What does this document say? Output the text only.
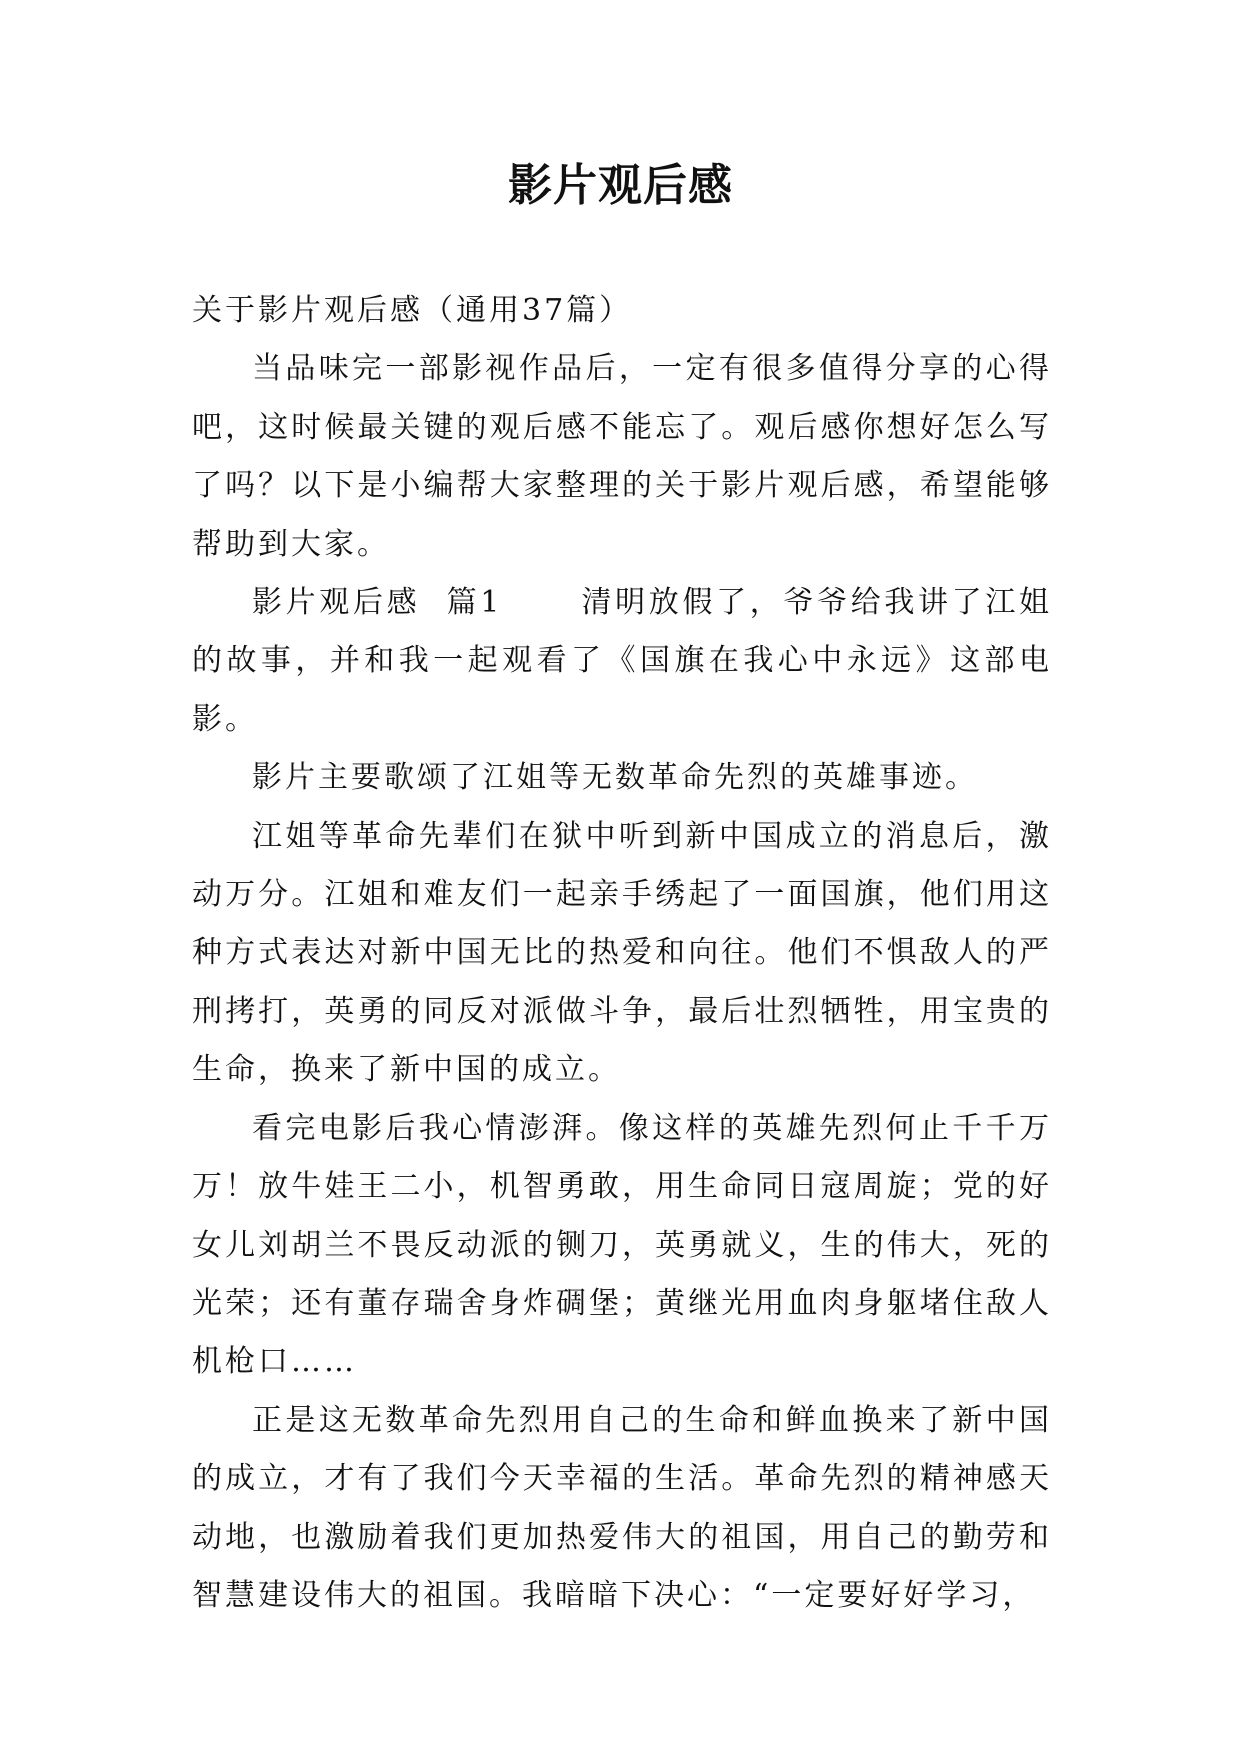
影片观后感

关于影片观后感（通用37篇）

当品味完一部影视作品后，一定有很多值得分享的心得吧，这时候最关键的观后感不能忘了。观后感你想好怎么写了吗？以下是小编帮大家整理的关于影片观后感，希望能够帮助到大家。

影片观后感  篇1      清明放假了，爷爷给我讲了江姐的故事，并和我一起观看了《国旗在我心中永远》这部电影。

影片主要歌颂了江姐等无数革命先烈的英雄事迹。

江姐等革命先辈们在狱中听到新中国成立的消息后，激动万分。江姐和难友们一起亲手绣起了一面国旗，他们用这种方式表达对新中国无比的热爱和向往。他们不惧敌人的严刑拷打，英勇的同反对派做斗争，最后壮烈牺牲，用宝贵的生命，换来了新中国的成立。

看完电影后我心情澎湃。像这样的英雄先烈何止千千万万！放牛娃王二小，机智勇敢，用生命同日寇周旋；党的好女儿刘胡兰不畏反动派的铡刀，英勇就义，生的伟大，死的光荣；还有董存瑞舍身炸碉堡；黄继光用血肉身躯堵住敌人机枪口……

正是这无数革命先烈用自己的生命和鲜血换来了新中国的成立，才有了我们今天幸福的生活。革命先烈的精神感天动地，也激励着我们更加热爱伟大的祖国，用自己的勤劳和智慧建设伟大的祖国。我暗暗下决心：“一定要好好学习，
